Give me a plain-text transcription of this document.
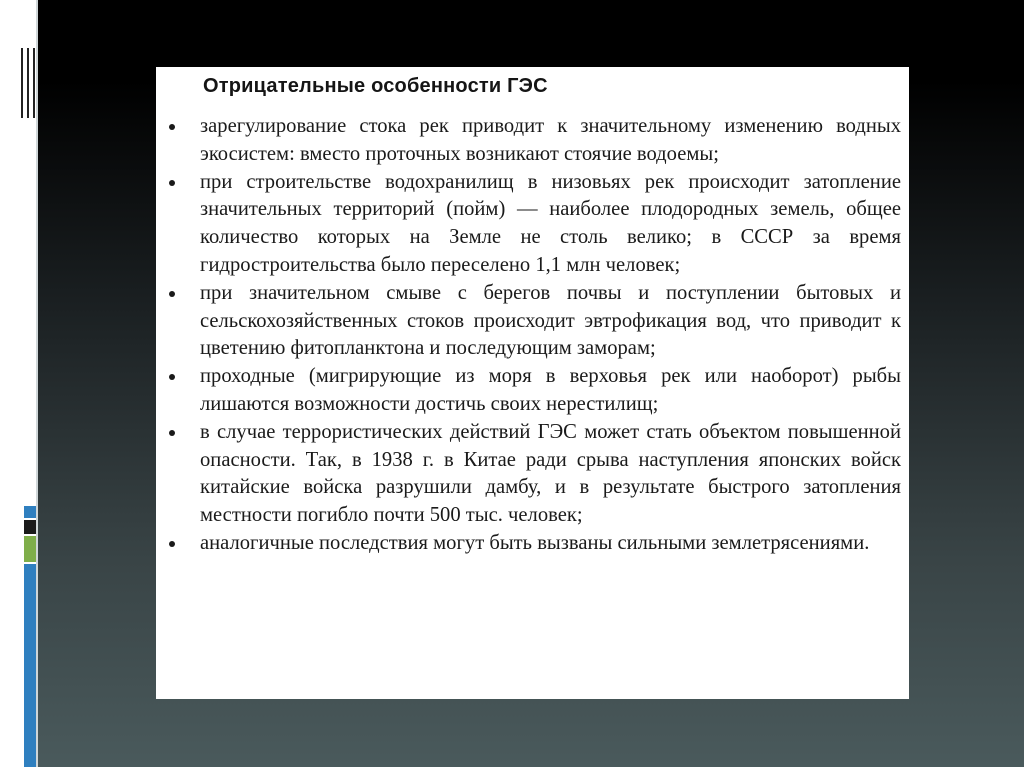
Отрицательные особенности ГЭС
зарегулирование стока рек приводит к значительному изменению водных экосистем: вместо проточных возникают стоячие водоемы;
при строительстве водохранилищ в низовьях рек происходит затопление значительных территорий (пойм) — наиболее плодородных земель, общее количество которых на Земле не столь велико; в СССР за время гидростроительства было переселено 1,1 млн человек;
при значительном смыве с берегов почвы и поступлении бытовых и сельскохозяйственных стоков происходит эвтрофикация вод, что приводит к цветению фитопланктона и последующим заморам;
проходные (мигрирующие из моря в верховья рек или наоборот) рыбы лишаются возможности достичь своих нерестилищ;
в случае террористических действий ГЭС может стать объектом повышенной опасности. Так, в 1938 г. в Китае ради срыва наступления японских войск китайские войска разрушили дамбу, и в результате быстрого затопления местности погибло почти 500 тыс. человек;
аналогичные последствия могут быть вызваны сильными землетрясениями.
